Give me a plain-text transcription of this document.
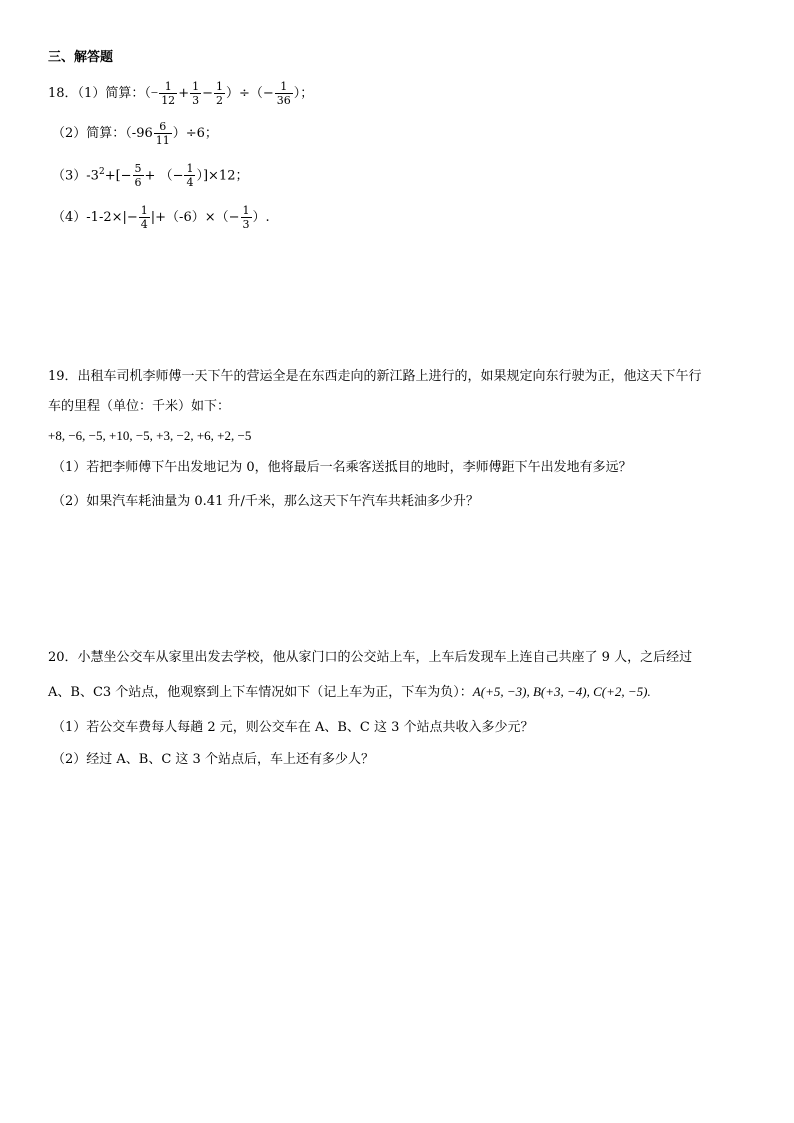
三、解答题
18．（1）简算：（− $\frac{1}{12} + \frac{1}{3} - \frac{1}{2}$ ）÷（− $\frac{1}{36}$ ）；
（2）简算：$(-96 \frac{6}{11} )\div 6$；
$(3)-3^2+[- \frac{5}{6}$ + （− $\frac{1}{4} )]\times 12$；
$(4)-1-2\times|- \frac{1}{4} |+(-6)\times(- \frac{1}{3}$ ）.
19．出租车司机李师傅一天下午的营运全是在东西走向的新江路上进行的，如果规定向东行驶为正，他这天下午行
车的里程（单位：千米）如下：
+8, −6, −5, +10, −5, +3, −2, +6, +2, −5
（1）若把李师傅下午出发地记为 0，他将最后一名乘客送抵目的地时，李师傅距下午出发地有多远？
（2）如果汽车耗油量为 0.41 升/千米，那么这天下午汽车共耗油多少升？
20．小慧坐公交车从家里出发去学校，他从家门口的公交站上车，上车后发现车上连自己共座了 9 人，之后经过
A、B、C3 个站点，他观察到上下车情况如下（记上车为正，下车为负）：A(+5, −3), B(+3, −4), C(+2, −5).
（1）若公交车费每人每趟 2 元，则公交车在 A、B、C 这 3 个站点共收入多少元？
（2）经过 A、B、C 这 3 个站点后，车上还有多少人？
